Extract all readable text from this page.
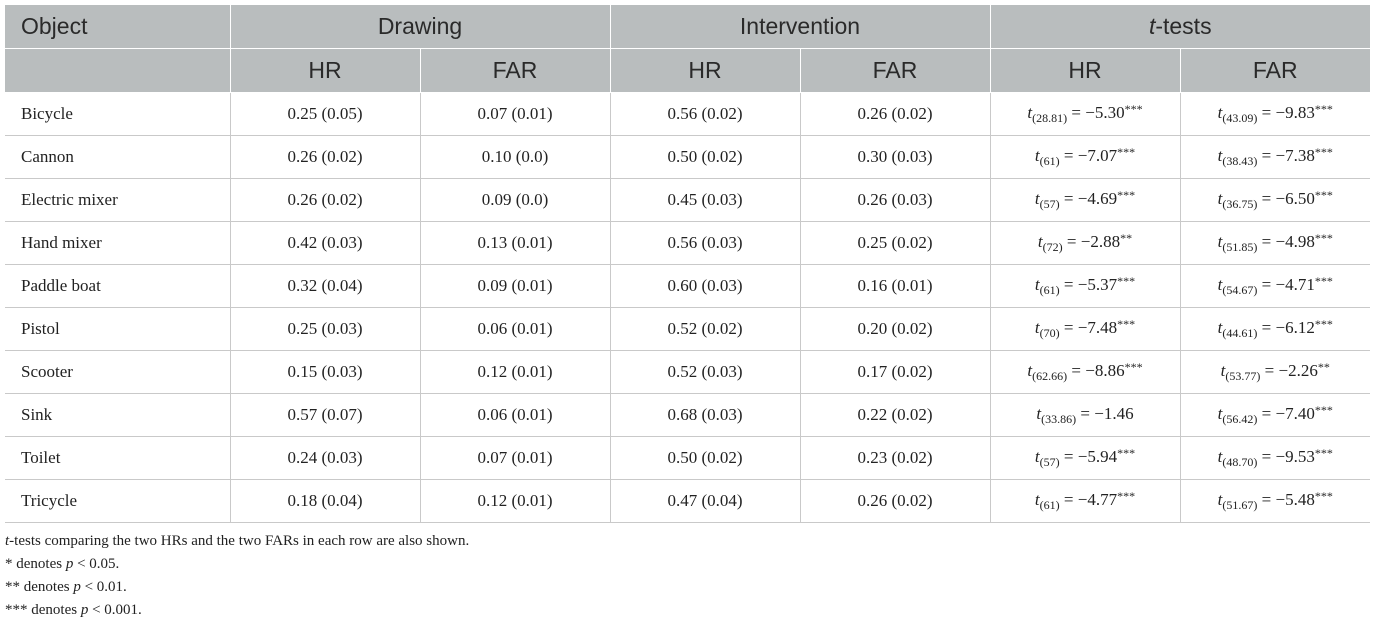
Object	Drawing		Intervention		t-tests	
	HR	FAR	HR	FAR	HR	FAR
Bicycle	0.25 (0.05)	0.07 (0.01)	0.56 (0.02)	0.26 (0.02)	$t_{(28.81)} = -5.30^{***}$	$t_{(43.09)} = -9.83^{***}$
Cannon	0.26 (0.02)	0.10 (0.0)	0.50 (0.02)	0.30 (0.03)	$t_{(61)} = -7.07^{***}$	$t_{(38.43)} = -7.38^{***}$
Electric mixer	0.26 (0.02)	0.09 (0.0)	0.45 (0.03)	0.26 (0.03)	$t_{(57)} = -4.69^{***}$	$t_{(36.75)} = -6.50^{***}$
Hand mixer	0.42 (0.03)	0.13 (0.01)	0.56 (0.03)	0.25 (0.02)	$t_{(72)} = -2.88^{**}$	$t_{(51.85)} = -4.98^{***}$
Paddle boat	0.32 (0.04)	0.09 (0.01)	0.60 (0.03)	0.16 (0.01)	$t_{(61)} = -5.37^{***}$	$t_{(54.67)} = -4.71^{***}$
Pistol	0.25 (0.03)	0.06 (0.01)	0.52 (0.02)	0.20 (0.02)	$t_{(70)} = -7.48^{***}$	$t_{(44.61)} = -6.12^{***}$
Scooter	0.15 (0.03)	0.12 (0.01)	0.52 (0.03)	0.17 (0.02)	$t_{(62.66)} = -8.86^{***}$	$t_{(53.77)} = -2.26^{**}$
Sink	0.57 (0.07)	0.06 (0.01)	0.68 (0.03)	0.22 (0.02)	$t_{(33.86)} = -1.46$	$t_{(56.42)} = -7.40^{***}$
Toilet	0.24 (0.03)	0.07 (0.01)	0.50 (0.02)	0.23 (0.02)	$t_{(57)} = -5.94^{***}$	$t_{(48.70)} = -9.53^{***}$
Tricycle	0.18 (0.04)	0.12 (0.01)	0.47 (0.04)	0.26 (0.02)	$t_{(61)} = -4.77^{***}$	$t_{(51.67)} = -5.48^{***}$
t-tests comparing the two HRs and the two FARs in each row are also shown.
* denotes p < 0.05.
** denotes p < 0.01.
*** denotes p < 0.001.
